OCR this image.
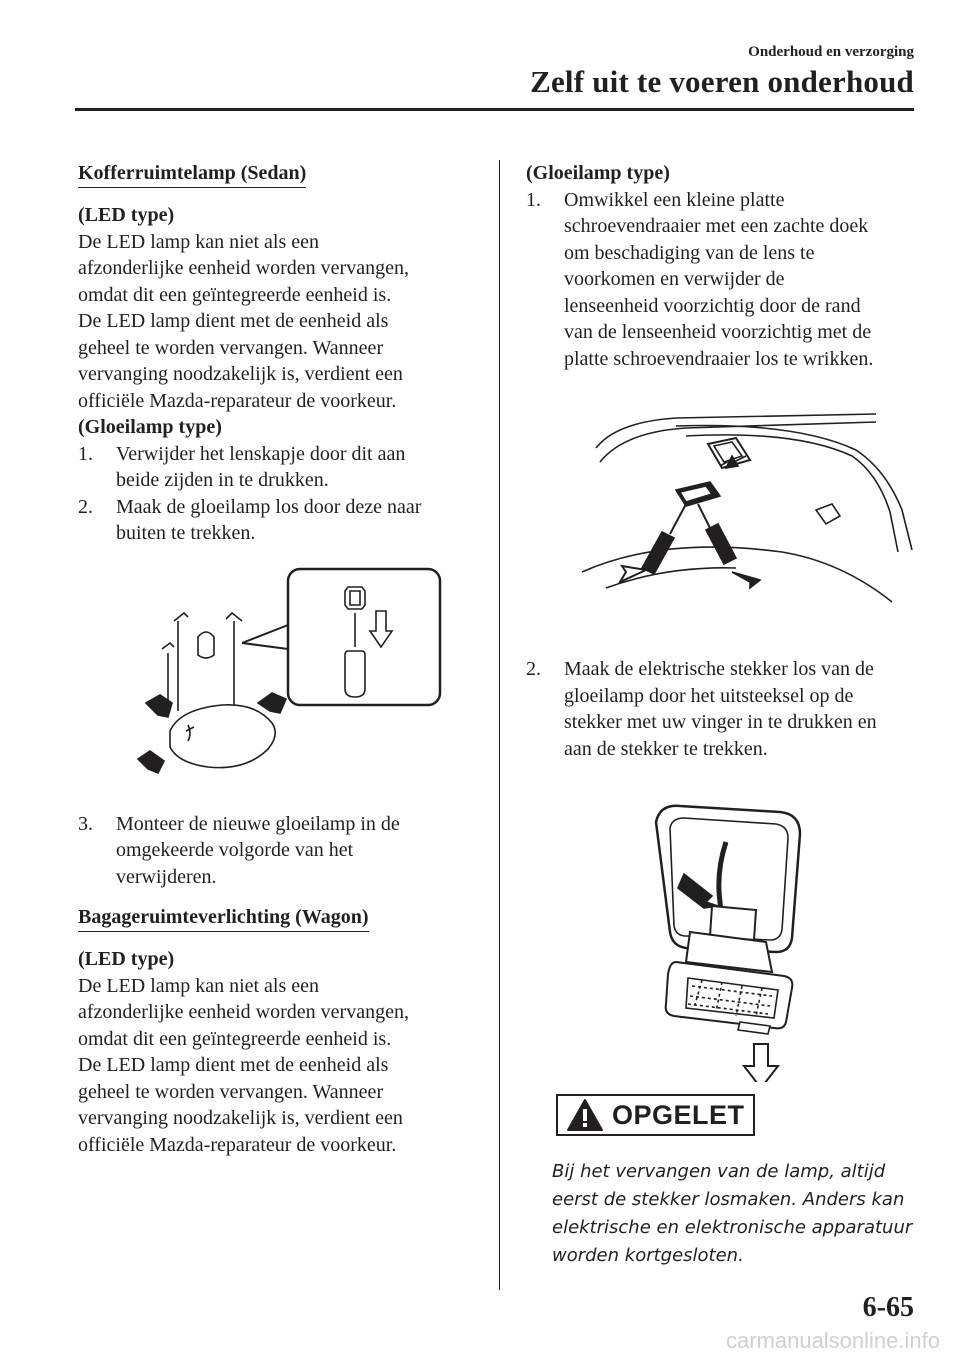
Onderhoud en verzorging
Zelf uit te voeren onderhoud
Kofferruimtelamp (Sedan)
(LED type)
De LED lamp kan niet als een
afzonderlijke eenheid worden vervangen,
omdat dit een geïntegreerde eenheid is.
De LED lamp dient met de eenheid als
geheel te worden vervangen. Wanneer
vervanging noodzakelijk is, verdient een
officiële Mazda-reparateur de voorkeur.
(Gloeilamp type)
1. Verwijder het lenskapje door dit aan
beide zijden in te drukken.
2. Maak de gloeilamp los door deze naar
buiten te trekken.
3. Monteer de nieuwe gloeilamp in de
omgekeerde volgorde van het
verwijderen.
Bagageruimteverlichting (Wagon)
(LED type)
De LED lamp kan niet als een
afzonderlijke eenheid worden vervangen,
omdat dit een geïntegreerde eenheid is.
De LED lamp dient met de eenheid als
geheel te worden vervangen. Wanneer
vervanging noodzakelijk is, verdient een
officiële Mazda-reparateur de voorkeur.
(Gloeilamp type)
1. Omwikkel een kleine platte
schroevendraaier met een zachte doek
om beschadiging van de lens te
voorkomen en verwijder de
lenseenheid voorzichtig door de rand
van de lenseenheid voorzichtig met de
platte schroevendraaier los te wrikken.
2. Maak de elektrische stekker los van de
gloeilamp door het uitsteeksel op de
stekker met uw vinger in te drukken en
aan de stekker te trekken.
OPGELET
Bij het vervangen van de lamp, altijd
eerst de stekker losmaken. Anders kan
elektrische en elektronische apparatuur
worden kortgesloten.
6-65
carmanualsonline.info
